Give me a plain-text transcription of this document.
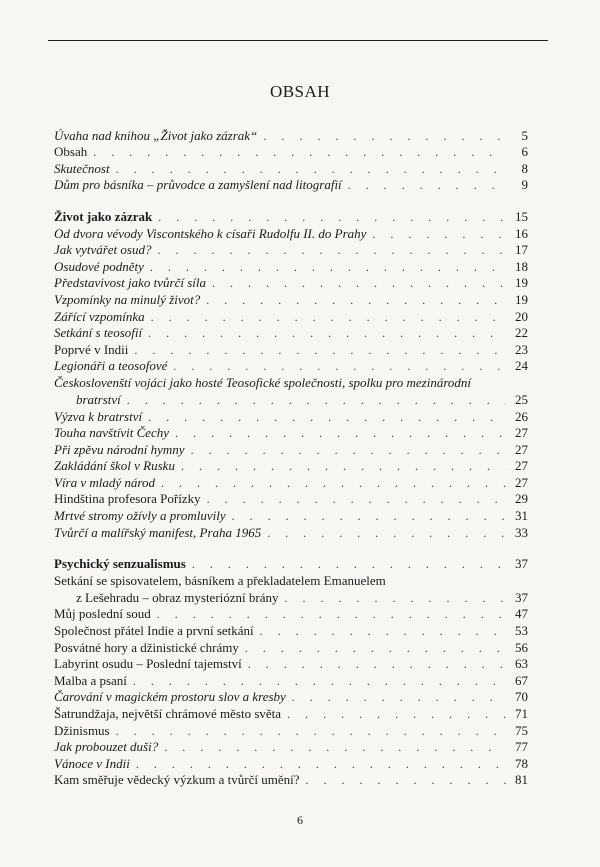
OBSAH
Úvaha nad knihou „Život jako zázrak“ . . .	5
Obsah . . .	6
Skutečnost . . .	8
Dům pro básníka – průvodce a zamyšlení nad litografií . . .	9
Život jako zázrak . . .	15
Od dvora vévody Viscontského k císaři Rudolfu II. do Prahy . . .	16
Jak vytvářet osud? . . .	17
Osudové podněty . . .	18
Představivost jako tvůrčí síla . . .	19
Vzpomínky na minulý život? . . .	19
Zářící vzpomínka . . .	20
Setkání s teosofií . . .	22
Poprvé v Indii . . .	23
Legionáři a teosofové . . .	24
Českoslovenští vojáci jako hosté Teosofické společnosti, spolku pro mezinárodní
bratrství . . .	25
Výzva k bratrství . . .	26
Touha navštívit Čechy . . .	27
Při zpěvu národní hymny . . .	27
Zakládání škol v Rusku . . .	27
Víra v mladý národ . . .	27
Hindština profesora Pořízky . . .	29
Mrtvé stromy ožívly a promluvily . . .	31
Tvůrčí a malířský manifest, Praha 1965 . . .	33
Psychický senzualismus . . .	37
Setkání se spisovatelem, básníkem a překladatelem Emanuelem
z Lešehradu – obraz mysteriózní brány . . .	37
Můj poslední soud . . .	47
Společnost přátel Indie a první setkání . . .	53
Posvátné hory a džinistické chrámy . . .	56
Labyrint osudu – Poslední tajemství . . .	63
Malba a psaní . . .	67
Čarování v magickém prostoru slov a kresby . . .	70
Šatrundžaja, největší chrámové město světa . . .	71
Džinismus . . .	75
Jak probouzet duši? . . .	77
Vánoce v Indii . . .	78
Kam směřuje vědecký výzkum a tvůrčí umění? . . .	81
6
